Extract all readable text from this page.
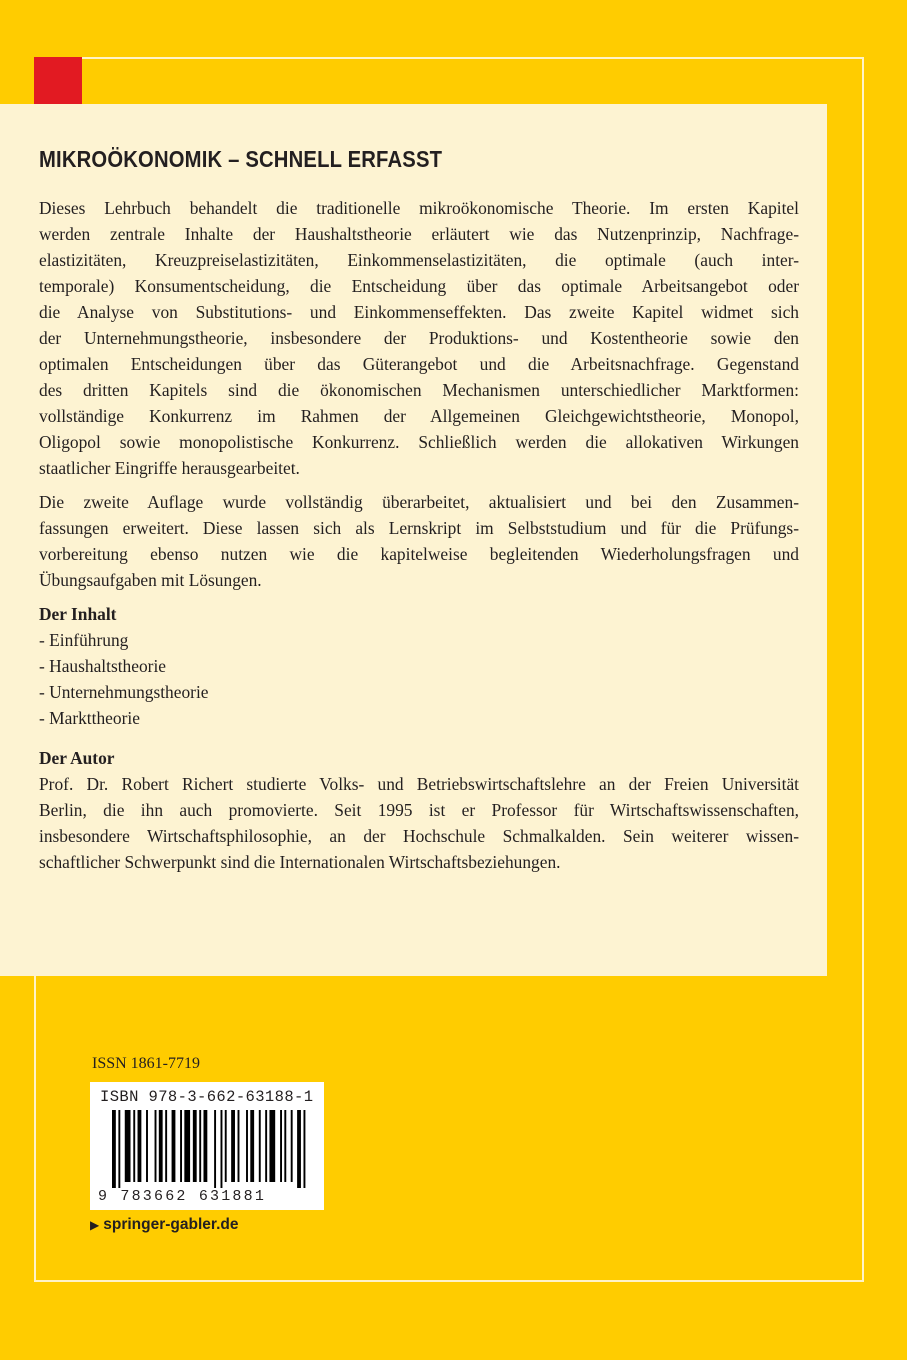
MIKROÖKONOMIK – SCHNELL ERFASST

Dieses Lehrbuch behandelt die traditionelle mikroökonomische Theorie. Im ersten Kapitel
werden zentrale Inhalte der Haushaltstheorie erläutert wie das Nutzenprinzip, Nachfrage-
elastizitäten, Kreuzpreiselastizitäten, Einkommenselastizitäten, die optimale (auch inter-
temporale) Konsumentscheidung, die Entscheidung über das optimale Arbeitsangebot oder
die Analyse von Substitutions- und Einkommenseffekten. Das zweite Kapitel widmet sich
der Unternehmungstheorie, insbesondere der Produktions- und Kostentheorie sowie den
optimalen Entscheidungen über das Güterangebot und die Arbeitsnachfrage. Gegenstand
des dritten Kapitels sind die ökonomischen Mechanismen unterschiedlicher Marktformen:
vollständige Konkurrenz im Rahmen der Allgemeinen Gleichgewichtstheorie, Monopol,
Oligopol sowie monopolistische Konkurrenz. Schließlich werden die allokativen Wirkungen
staatlicher Eingriffe herausgearbeitet.

Die zweite Auflage wurde vollständig überarbeitet, aktualisiert und bei den Zusammen-
fassungen erweitert. Diese lassen sich als Lernskript im Selbststudium und für die Prüfungs-
vorbereitung ebenso nutzen wie die kapitelweise begleitenden Wiederholungsfragen und
Übungsaufgaben mit Lösungen.

Der Inhalt
- Einführung
- Haushaltstheorie
- Unternehmungstheorie
- Markttheorie
Der Autor
Prof. Dr. Robert Richert studierte Volks- und Betriebswirtschaftslehre an der Freien Universität
Berlin, die ihn auch promovierte. Seit 1995 ist er Professor für Wirtschaftswissenschaften,
insbesondere Wirtschaftsphilosophie, an der Hochschule Schmalkalden. Sein weiterer wissen-
schaftlicher Schwerpunkt sind die Internationalen Wirtschaftsbeziehungen.
ISSN 1861-7719
ISBN 978-3-662-63188-1
9 783662 631881
▶ springer-gabler.de
